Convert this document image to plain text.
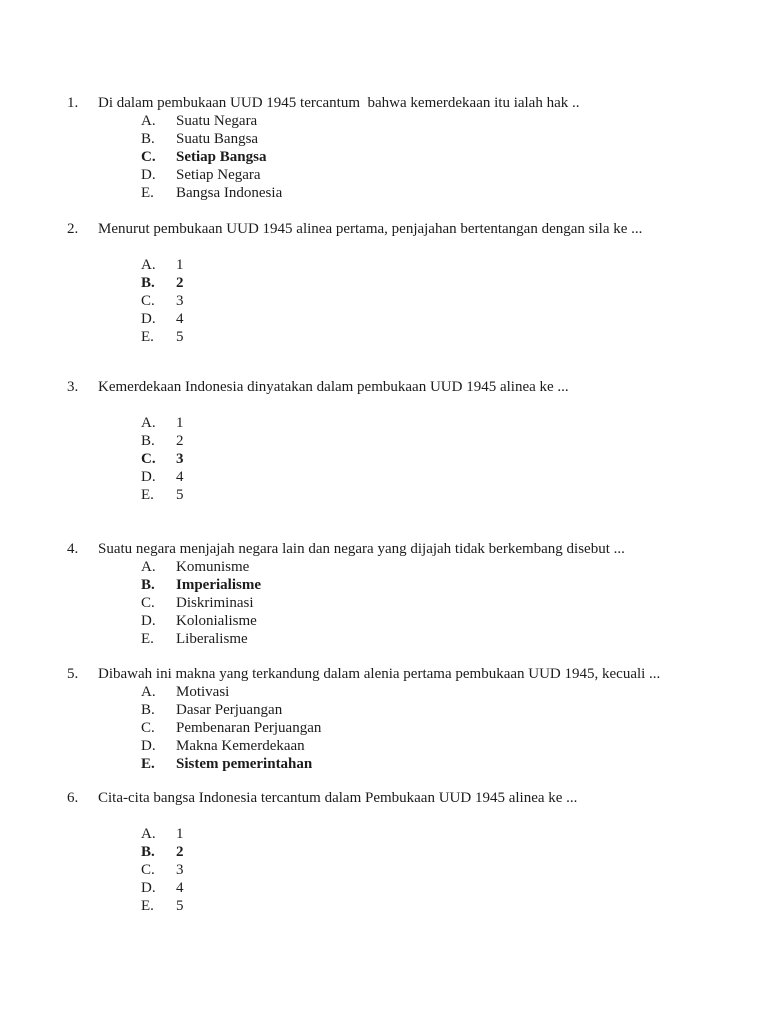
1.	Di dalam pembukaan UUD 1945 tercantum  bahwa kemerdekaan itu ialah hak ..
A.	Suatu Negara
B.	Suatu Bangsa
C.	Setiap Bangsa
D.	Setiap Negara
E.	Bangsa Indonesia
2.	Menurut pembukaan UUD 1945 alinea pertama, penjajahan bertentangan dengan sila ke ...
A.	1
B.	2
C.	3
D.	4
E.	5
3.	Kemerdekaan Indonesia dinyatakan dalam pembukaan UUD 1945 alinea ke ...
A.	1
B.	2
C.	3
D.	4
E.	5
4.	Suatu negara menjajah negara lain dan negara yang dijajah tidak berkembang disebut ...
A.	Komunisme
B.	Imperialisme
C.	Diskriminasi
D.	Kolonialisme
E.	Liberalisme
5.	Dibawah ini makna yang terkandung dalam alenia pertama pembukaan UUD 1945, kecuali ...
A.	Motivasi
B.	Dasar Perjuangan
C.	Pembenaran Perjuangan
D.	Makna Kemerdekaan
E.	Sistem pemerintahan
6.	Cita-cita bangsa Indonesia tercantum dalam Pembukaan UUD 1945 alinea ke ...
A.	1
B.	2
C.	3
D.	4
E.	5
